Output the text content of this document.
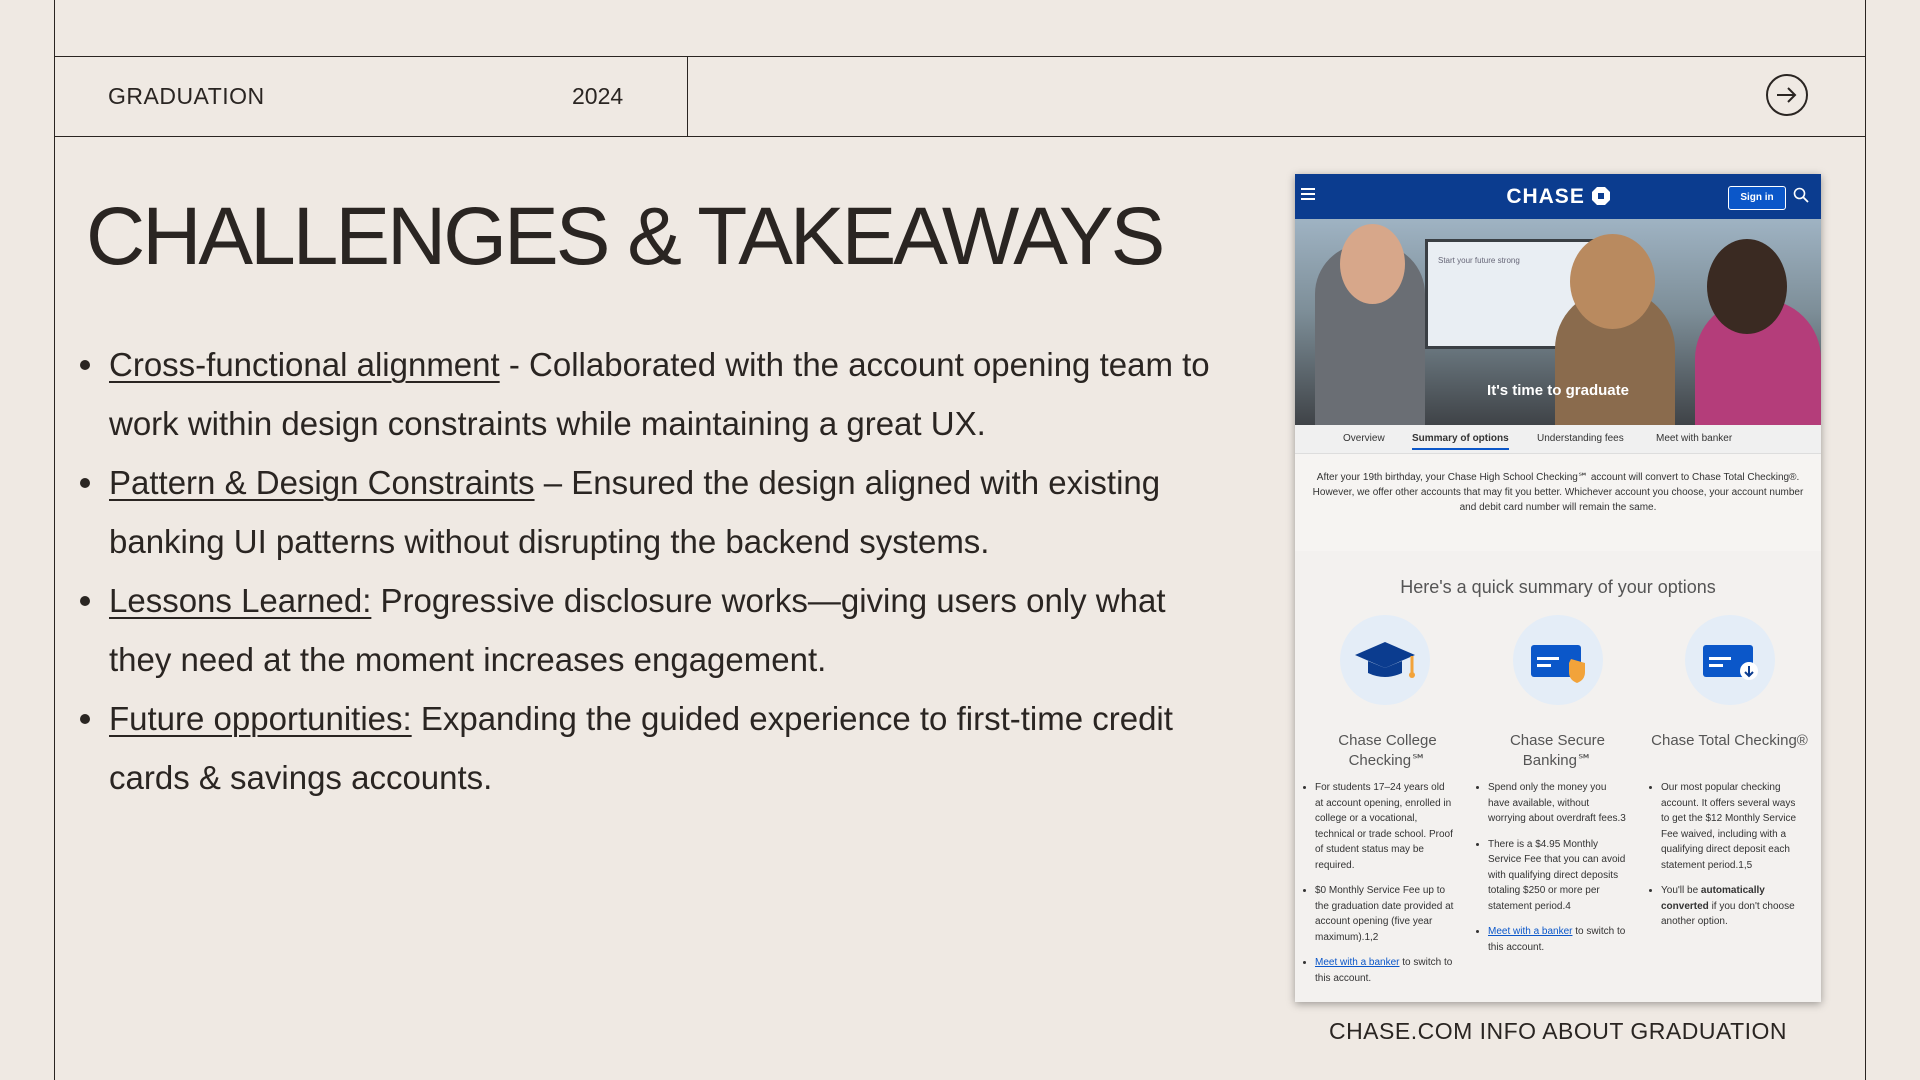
GRADUATION	2024
CHALLENGES & TAKEAWAYS
Cross-functional alignment - Collaborated with the account opening team to work within design constraints while maintaining a great UX.
Pattern & Design Constraints – Ensured the design aligned with existing banking UI patterns without disrupting the backend systems.
Lessons Learned: Progressive disclosure works—giving users only what they need at the moment increases engagement.
Future opportunities: Expanding the guided experience to first-time credit cards & savings accounts.
CHASE	Sign in
Start your future strong
It's time to graduate
Overview	Summary of options	Understanding fees	Meet with banker
After your 19th birthday, your Chase High School Checking℠ account will convert to Chase Total Checking®. However, we offer other accounts that may fit you better. Whichever account you choose, your account number and debit card number will remain the same.
Here's a quick summary of your options
Chase College Checking℠
Chase Secure Banking℠
Chase Total Checking®
• For students 17–24 years old at account opening, enrolled in college or a vocational, technical or trade school. Proof of student status may be required.
• $0 Monthly Service Fee up to the graduation date provided at account opening (five year maximum).1,2
• Meet with a banker to switch to this account.
• Spend only the money you have available, without worrying about overdraft fees.3
• There is a $4.95 Monthly Service Fee that you can avoid with qualifying direct deposits totaling $250 or more per statement period.4
• Meet with a banker to switch to this account.
• Our most popular checking account. It offers several ways to get the $12 Monthly Service Fee waived, including with a qualifying direct deposit each statement period.1,5
• You'll be automatically converted if you don't choose another option.
CHASE.COM INFO ABOUT GRADUATION
